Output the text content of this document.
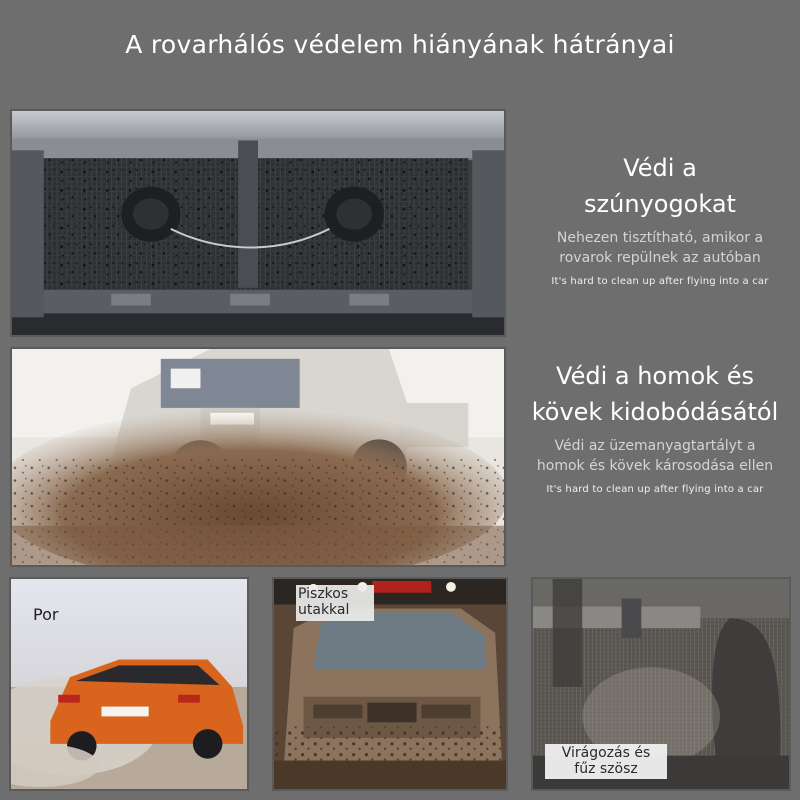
A rovarhálós védelem hiányának hátrányai
Védi a
szúnyogokat
Nehezen tisztítható, amikor a
rovarok repülnek az autóban
It's hard to clean up after flying into a car
Védi a homok és
kövek kidobódásától
Védi az üzemanyagtartályt a
homok és kövek károsodása ellen
It's hard to clean up after flying into a car
Por
Piszkos
utakkal
Virágozás és
fűz szösz
